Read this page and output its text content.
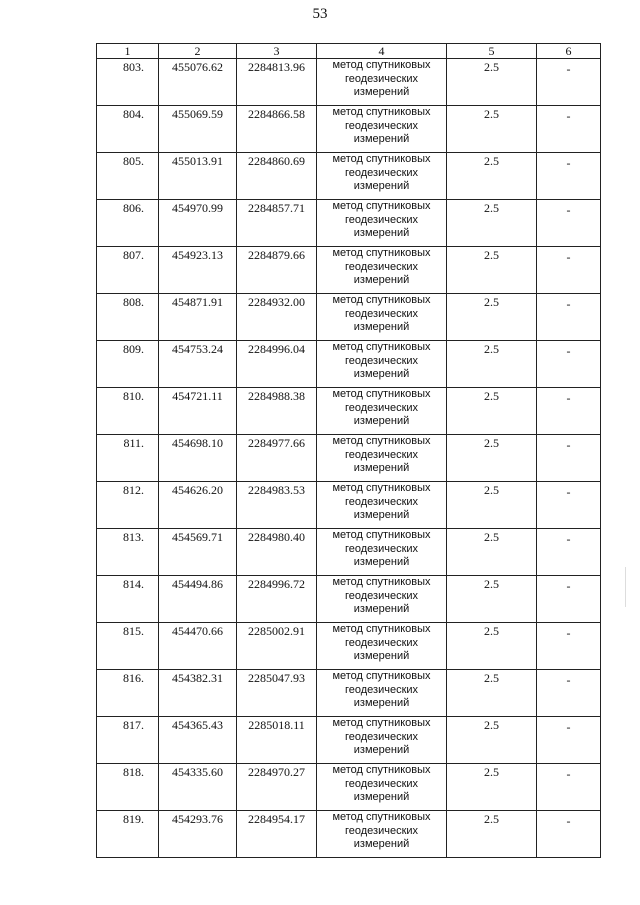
53
1	2	3	4	5	6
803.	455076.62	2284813.96	метод спутниковых геодезических измерений	2.5	-
804.	455069.59	2284866.58	метод спутниковых геодезических измерений	2.5	-
805.	455013.91	2284860.69	метод спутниковых геодезических измерений	2.5	-
806.	454970.99	2284857.71	метод спутниковых геодезических измерений	2.5	-
807.	454923.13	2284879.66	метод спутниковых геодезических измерений	2.5	-
808.	454871.91	2284932.00	метод спутниковых геодезических измерений	2.5	-
809.	454753.24	2284996.04	метод спутниковых геодезических измерений	2.5	-
810.	454721.11	2284988.38	метод спутниковых геодезических измерений	2.5	-
811.	454698.10	2284977.66	метод спутниковых геодезических измерений	2.5	-
812.	454626.20	2284983.53	метод спутниковых геодезических измерений	2.5	-
813.	454569.71	2284980.40	метод спутниковых геодезических измерений	2.5	-
814.	454494.86	2284996.72	метод спутниковых геодезических измерений	2.5	-
815.	454470.66	2285002.91	метод спутниковых геодезических измерений	2.5	-
816.	454382.31	2285047.93	метод спутниковых геодезических измерений	2.5	-
817.	454365.43	2285018.11	метод спутниковых геодезических измерений	2.5	-
818.	454335.60	2284970.27	метод спутниковых геодезических измерений	2.5	-
819.	454293.76	2284954.17	метод спутниковых геодезических измерений	2.5	-
